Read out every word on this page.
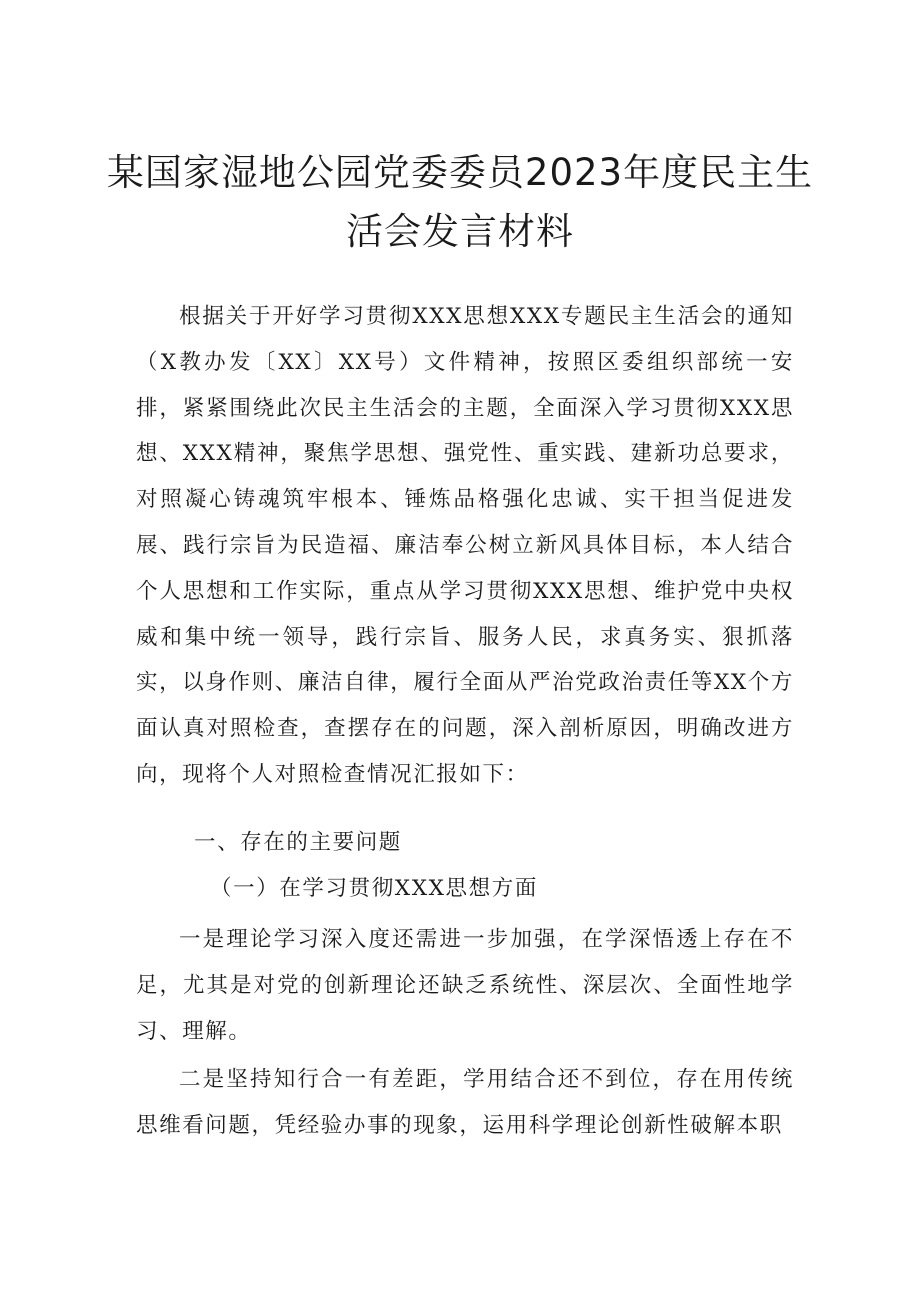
某国家湿地公园党委委员2023年度民主生
活会发言材料

根据关于开好学习贯彻XXX思想XXX专题民主生活会的通知（X教办发〔XX〕XX号）文件精神，按照区委组织部统一安排，紧紧围绕此次民主生活会的主题，全面深入学习贯彻XXX思想、XXX精神，聚焦学思想、强党性、重实践、建新功总要求，对照凝心铸魂筑牢根本、锤炼品格强化忠诚、实干担当促进发展、践行宗旨为民造福、廉洁奉公树立新风具体目标，本人结合个人思想和工作实际，重点从学习贯彻XXX思想、维护党中央权威和集中统一领导，践行宗旨、服务人民，求真务实、狠抓落实，以身作则、廉洁自律，履行全面从严治党政治责任等XX个方面认真对照检查，查摆存在的问题，深入剖析原因，明确改进方向，现将个人对照检查情况汇报如下：

一、存在的主要问题

（一）在学习贯彻XXX思想方面

一是理论学习深入度还需进一步加强，在学深悟透上存在不足，尤其是对党的创新理论还缺乏系统性、深层次、全面性地学习、理解。

二是坚持知行合一有差距，学用结合还不到位，存在用传统思维看问题，凭经验办事的现象，运用科学理论创新性破解本职
